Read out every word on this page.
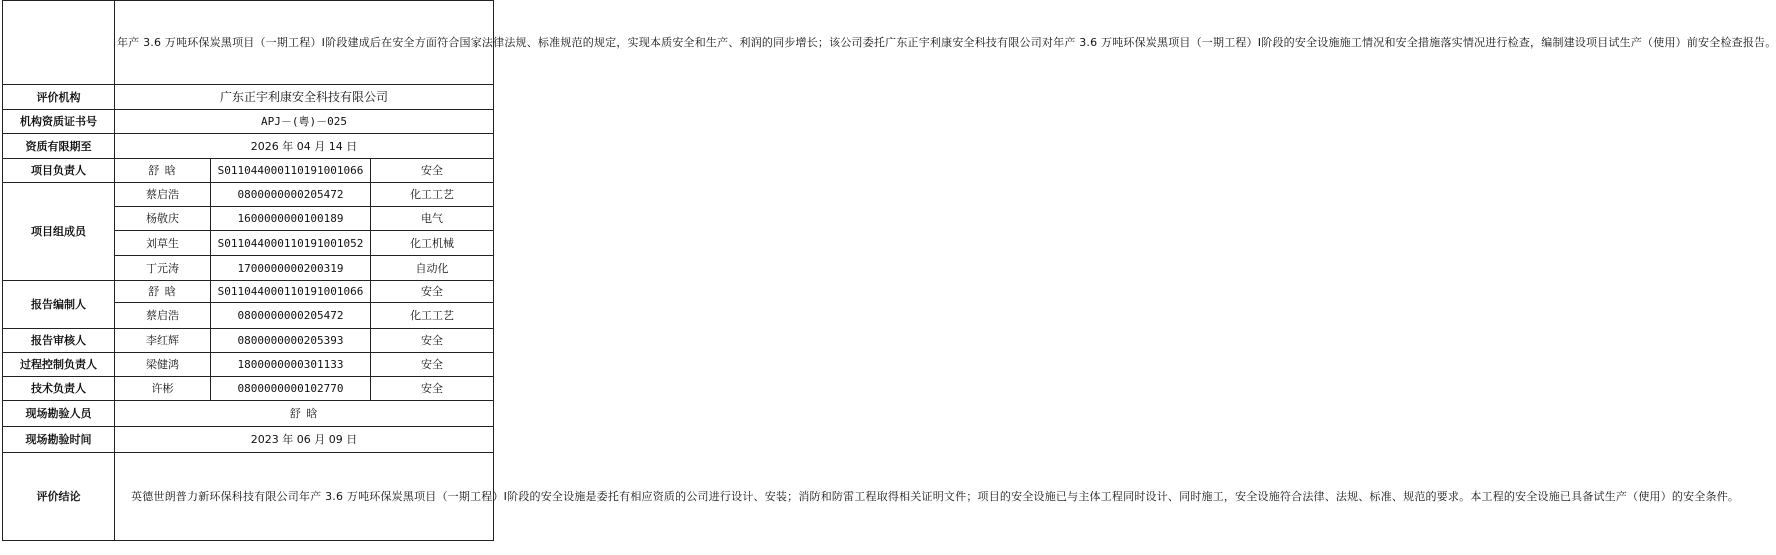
	年产 3.6 万吨环保炭黑项目（一期工程）Ⅰ阶段建成后在安全方面符合国家法律法规、标准规范的规定，实现本质安全和生产、利润的同步增长；该公司委托广东正宇利康安全科技有限公司对年产 3.6 万吨环保炭黑项目（一期工程）Ⅰ阶段的安全设施施工情况和安全措施落实情况进行检查，编制建设项目试生产（使用）前安全检查报告。		
评价机构	广东正宇利康安全科技有限公司		
机构资质证书号	APJ－(粤)－025		
资质有限期至	2026 年 04 月 14 日		
项目负责人	舒 晗	S011044000110191001066	安全
项目组成员	蔡启浩	0800000000205472	化工工艺
	杨敬庆	1600000000100189	电气
	刘草生	S011044000110191001052	化工机械
	丁元涛	1700000000200319	自动化
报告编制人	舒 晗	S011044000110191001066	安全
	蔡启浩	0800000000205472	化工工艺
报告审核人	李红辉	0800000000205393	安全
过程控制负责人	梁健鸿	1800000000301133	安全
技术负责人	许彬	0800000000102770	安全
现场勘验人员	舒 晗		
现场勘验时间	2023 年 06 月 09 日		
评价结论	英德世朗普力新环保科技有限公司年产 3.6 万吨环保炭黑项目（一期工程）Ⅰ阶段的安全设施是委托有相应资质的公司进行设计、安装；消防和防雷工程取得相关证明文件；项目的安全设施已与主体工程同时设计、同时施工，安全设施符合法律、法规、标准、规范的要求。本工程的安全设施已具备试生产（使用）的安全条件。		
